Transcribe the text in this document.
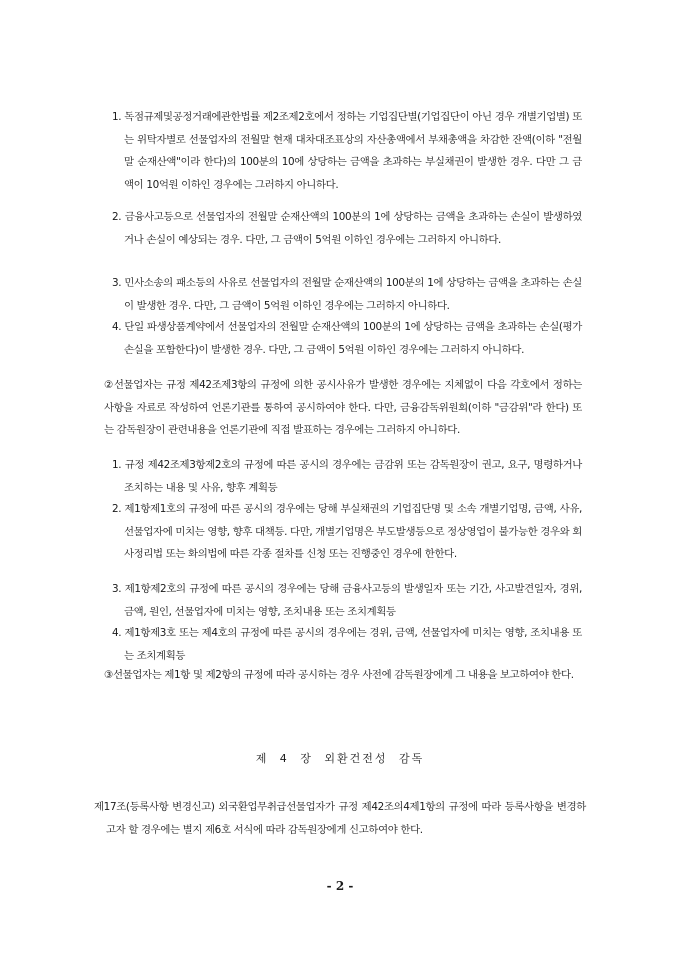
1. 독점규제및공정거래에관한법률 제2조제2호에서 정하는 기업집단별(기업집단이 아닌 경우 개별기업별) 또는 위탁자별로 선물업자의 전월말 현재 대차대조표상의 자산총액에서 부채총액을 차감한 잔액(이하 "전월말 순재산액"이라 한다)의 100분의 10에 상당하는 금액을 초과하는 부실채권이 발생한 경우. 다만 그 금액이 10억원 이하인 경우에는 그러하지 아니하다.

2. 금융사고등으로 선물업자의 전월말 순재산액의 100분의 1에 상당하는 금액을 초과하는 손실이 발생하였거나 손실이 예상되는 경우. 다만, 그 금액이 5억원 이하인 경우에는 그러하지 아니하다.

3. 민사소송의 패소등의 사유로 선물업자의 전월말 순재산액의 100분의 1에 상당하는 금액을 초과하는 손실이 발생한 경우. 다만, 그 금액이 5억원 이하인 경우에는 그러하지 아니하다.

4. 단일 파생상품계약에서 선물업자의 전월말 순재산액의 100분의 1에 상당하는 금액을 초과하는 손실(평가손실을 포함한다)이 발생한 경우. 다만, 그 금액이 5억원 이하인 경우에는 그러하지 아니하다.

②선물업자는 규정 제42조제3항의 규정에 의한 공시사유가 발생한 경우에는 지체없이 다음 각호에서 정하는 사항을 자료로 작성하여 언론기관를 통하여 공시하여야 한다. 다만, 금융감독위원회(이하 "금감위"라 한다) 또는 감독원장이 관련내용을 언론기관에 직접 발표하는 경우에는 그러하지 아니하다.

1. 규정 제42조제3항제2호의 규정에 따른 공시의 경우에는 금감위 또는 감독원장이 권고, 요구, 명령하거나 조치하는 내용 및 사유, 향후 계획등

2. 제1항제1호의 규정에 따른 공시의 경우에는 당해 부실채권의 기업집단명 및 소속 개별기업명, 금액, 사유, 선물업자에 미치는 영향, 향후 대책등. 다만, 개별기업명은 부도발생등으로 정상영업이 불가능한 경우와 회사정리법 또는 화의법에 따른 각종 절차를 신청 또는 진행중인 경우에 한한다.

3. 제1항제2호의 규정에 따른 공시의 경우에는 당해 금융사고등의 발생일자 또는 기간, 사고발견일자, 경위, 금액, 원인, 선물업자에 미치는 영향, 조치내용 또는 조치계획등

4. 제1항제3호 또는 제4호의 규정에 따른 공시의 경우에는 경위, 금액, 선물업자에 미치는 영향, 조치내용 또는 조치계획등

③선물업자는 제1항 및 제2항의 규정에 따라 공시하는 경우 사전에 감독원장에게 그 내용을 보고하여야 한다.

제 4 장 외환건전성 감독

제17조(등록사항 변경신고) 외국환업무취급선물업자가 규정 제42조의4제1항의 규정에 따라 등록사항을 변경하고자 할 경우에는 별지 제6호 서식에 따라 감독원장에게 신고하여야 한다.

- 2 -
